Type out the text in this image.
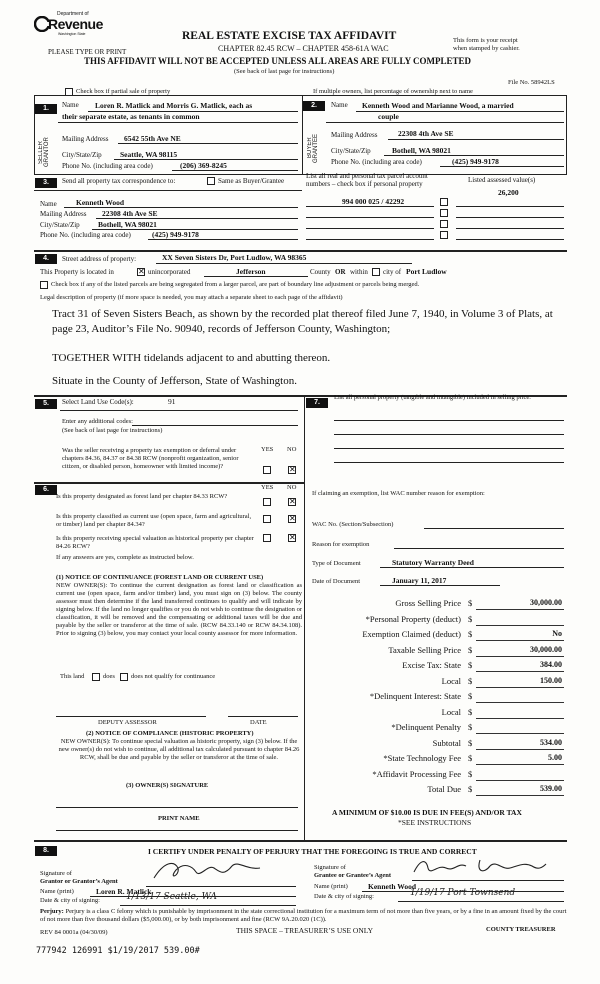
Department of
Revenue
Washington State
PLEASE TYPE OR PRINT
REAL ESTATE EXCISE TAX AFFIDAVIT
CHAPTER 82.45 RCW – CHAPTER 458-61A WAC
THIS AFFIDAVIT WILL NOT BE ACCEPTED UNLESS ALL AREAS ARE FULLY COMPLETED
(See back of last page for instructions)
This form is your receipt
when stamped by cashier.
File No. 58942LS
Check box if partial sale of property	If multiple owners, list percentage of ownership next to name
1.
SELLER GRANTOR
Name Loren R. Matlick and Morris G. Matlick, each as
their separate estate, as tenants in common
Mailing Address 6542 55th Ave NE
City/State/Zip Seattle, WA 98115
Phone No. (including area code)	(206) 369-8245
2.
BUYER GRANTEE
Name Kenneth Wood and Marianne Wood, a married
couple
Mailing Address	22308 4th Ave SE
City/State/Zip	Bothell, WA 98021
Phone No. (including area code)	(425) 949-9178
3.	Send all property tax correspondence to:	Same as Buyer/Grantee
Name	Kenneth Wood
Mailing Address 22308 4th Ave SE
City/State/Zip Bothell, WA 98021
Phone No. (including area code)	(425) 949-9178
List all real and personal tax parcel account
numbers – check box if personal property	Listed assessed value(s)
26,200
994 000 025 / 42292
4.	Street address of property:	XX Seven Sisters Dr, Port Ludlow, WA 98365
This Property is located in	✕ unincorporated	Jefferson	County OR within city of Port Ludlow
Check box if any of the listed parcels are being segregated from a larger parcel, are part of boundary line adjustment or parcels being merged.
Legal description of property (if more space is needed, you may attach a separate sheet to each page of the affidavit)
Tract 31 of Seven Sisters Beach, as shown by the recorded plat thereof filed June 7, 1940, in Volume 3 of Plats, at page 23, Auditor’s File No. 90940, records of Jefferson County, Washington;
TOGETHER WITH tidelands adjacent to and abutting thereon.
Situate in the County of Jefferson, State of Washington.
5.	Select Land Use Code(s):	91
Enter any additional codes:
(See back of last page for instructions)
YES NO
Was the seller receiving a property tax exemption or deferral under chapters 84.36, 84.37 or 84.38 RCW (nonprofit organization, senior citizen, or disabled person, homeowner with limited income)?	✕
6.	YES NO
Is this property designated as forest land per chapter 84.33 RCW?
✕
Is this property classified as current use (open space, farm and agricultural, or timber) land per chapter 84.34?
✕
Is this property receiving special valuation as historical property per chapter 84.26 RCW?
✕
If any answers are yes, complete as instructed below.
(1) NOTICE OF CONTINUANCE (FOREST LAND OR CURRENT USE)
NEW OWNER(S): To continue the current designation as forest land or classification as current use (open space, farm and/or timber) land, you must sign on (3) below. The county assessor must then determine if the land transferred continues to qualify and will indicate by signing below. If the land no longer qualifies or you do not wish to continue the designation or classification, it will be removed and the compensating or additional taxes will be due and payable by the seller or transferor at the time of sale. (RCW 84.33.140 or RCW 84.34.108). Prior to signing (3) below, you may contact your local county assessor for more information.
This land	does does not qualify for continuance
DEPUTY ASSESSOR	DATE
(2) NOTICE OF COMPLIANCE (HISTORIC PROPERTY)
NEW OWNER(S): To continue special valuation as historic property, sign (3) below. If the new owner(s) do not wish to continue, all additional tax calculated pursuant to chapter 84.26 RCW, shall be due and payable by the seller or transferor at the time of sale.
(3) OWNER(S) SIGNATURE
PRINT NAME
7.
List all personal property (tangible and intangible) included in selling price.
If claiming an exemption, list WAC number reason for exemption:
WAC No. (Section/Subsection)
Reason for exemption
Type of Document	Statutory Warranty Deed
Date of Document	January 11, 2017
Gross Selling Price $	30,000.00
*Personal Property (deduct) $
Exemption Claimed (deduct) $	No
Taxable Selling Price $	30,000.00
Excise Tax: State $	384.00
Local $	150.00
*Delinquent Interest: State $
Local $
*Delinquent Penalty $
Subtotal $	534.00
*State Technology Fee $	5.00
*Affidavit Processing Fee $
Total Due $	539.00
A MINIMUM OF $10.00 IS DUE IN FEE(S) AND/OR TAX
*SEE INSTRUCTIONS
8.	I CERTIFY UNDER PENALTY OF PERJURY THAT THE FOREGOING IS TRUE AND CORRECT
Signature of
Grantor or Grantor’s Agent
Name (print)	Loren R. Matlick
Date & city of signing:	1/13/17 Seattle, WA
Signature of
Grantee or Grantee’s Agent
Name (print)	Kenneth Wood
Date & city of signing:	1/19/17 Port Townsend
Perjury: Perjury is a class C felony which is punishable by imprisonment in the state correctional institution for a maximum term of not more than five years, or by a fine in an amount fixed by the court of not more than five thousand dollars ($5,000.00), or by both imprisonment and fine (RCW 9A.20.020 (1C)).
REV 84 0001a (04/30/09)	THIS SPACE – TREASURER’S USE ONLY	COUNTY TREASURER
777942 126991 $1/19/2017 539.00#
